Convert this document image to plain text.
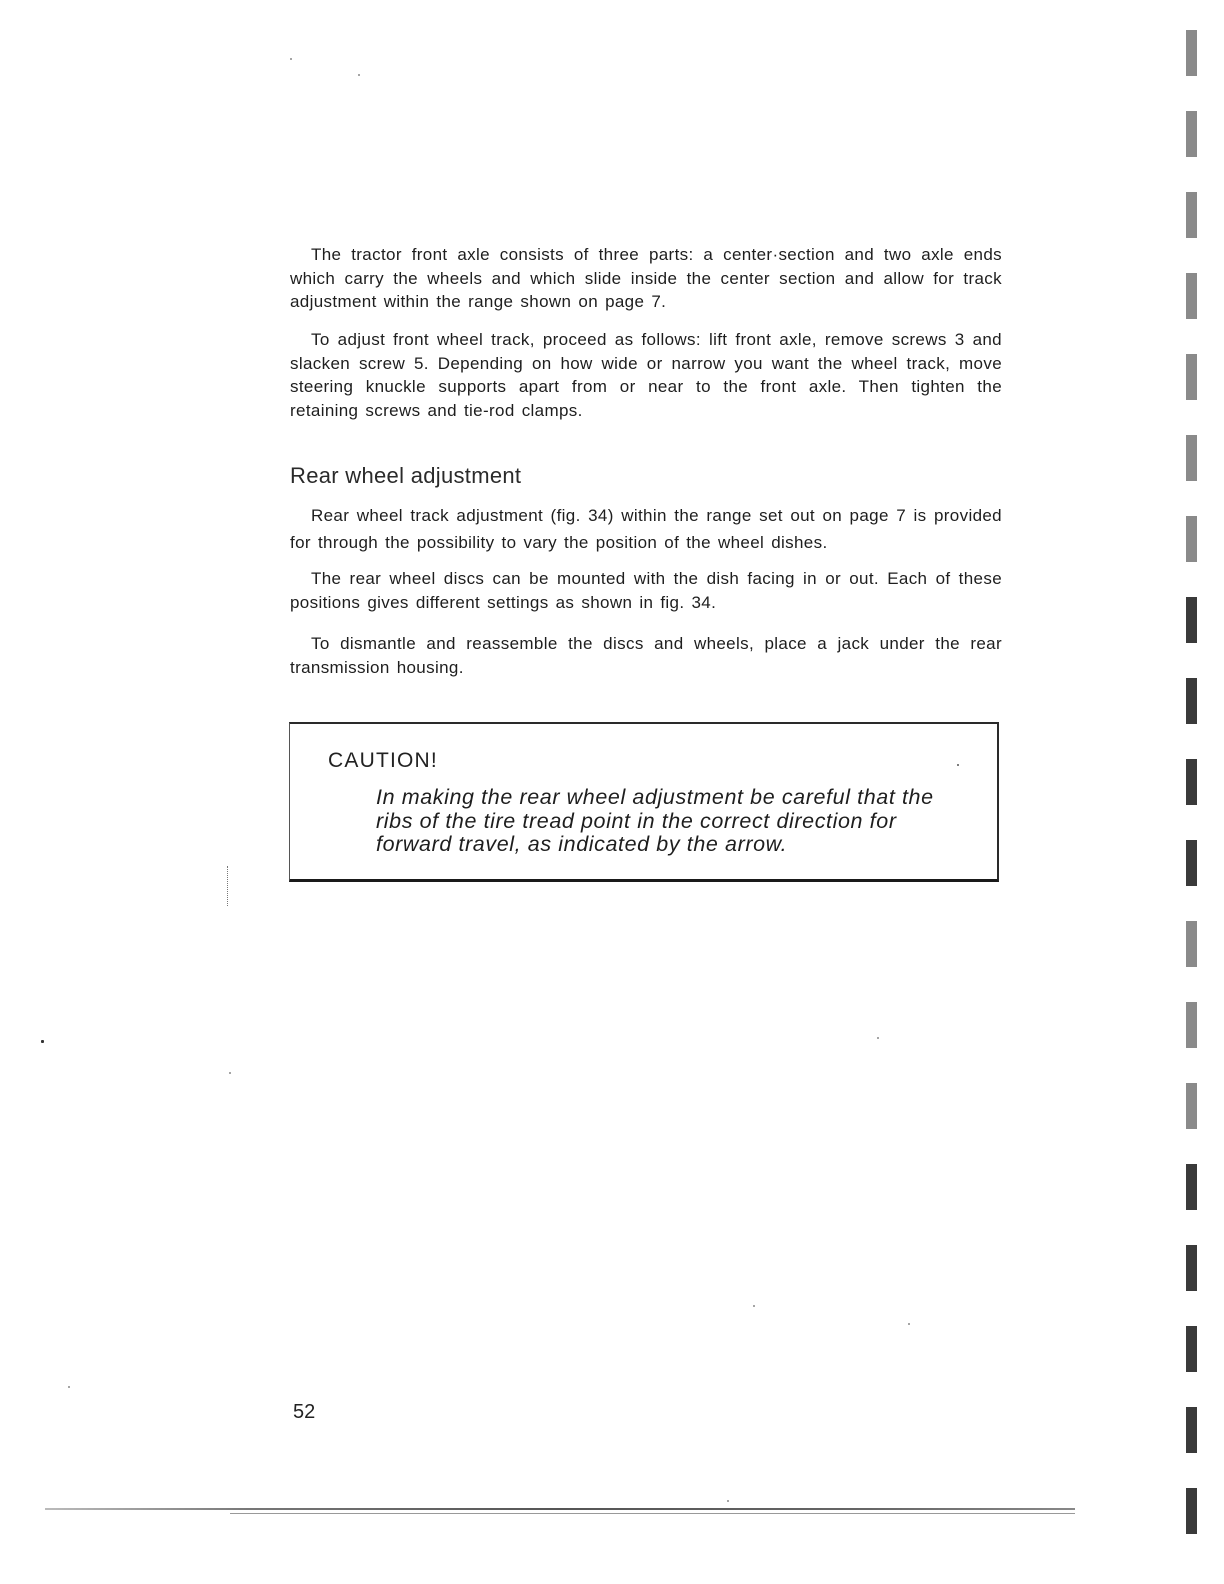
The tractor front axle consists of three parts: a center·section and two axle ends which carry the wheels and which slide inside the center section and allow for track adjustment within the range shown on page 7.

To adjust front wheel track, proceed as follows: lift front axle, remove screws 3 and slacken screw 5. Depending on how wide or narrow you want the wheel track, move steering knuckle supports apart from or near to the front axle. Then tighten the retaining screws and tie-rod clamps.

Rear wheel adjustment

Rear wheel track adjustment (fig. 34) within the range set out on page 7 is provided for through the possibility to vary the position of the wheel dishes.

The rear wheel discs can be mounted with the dish facing in or out. Each of these positions gives different settings as shown in fig. 34.

To dismantle and reassemble the discs and wheels, place a jack under the rear transmission housing.

CAUTION!
In making the rear wheel adjustment be careful that the ribs of the tire tread point in the correct direction for forward travel, as indicated by the arrow.
52
